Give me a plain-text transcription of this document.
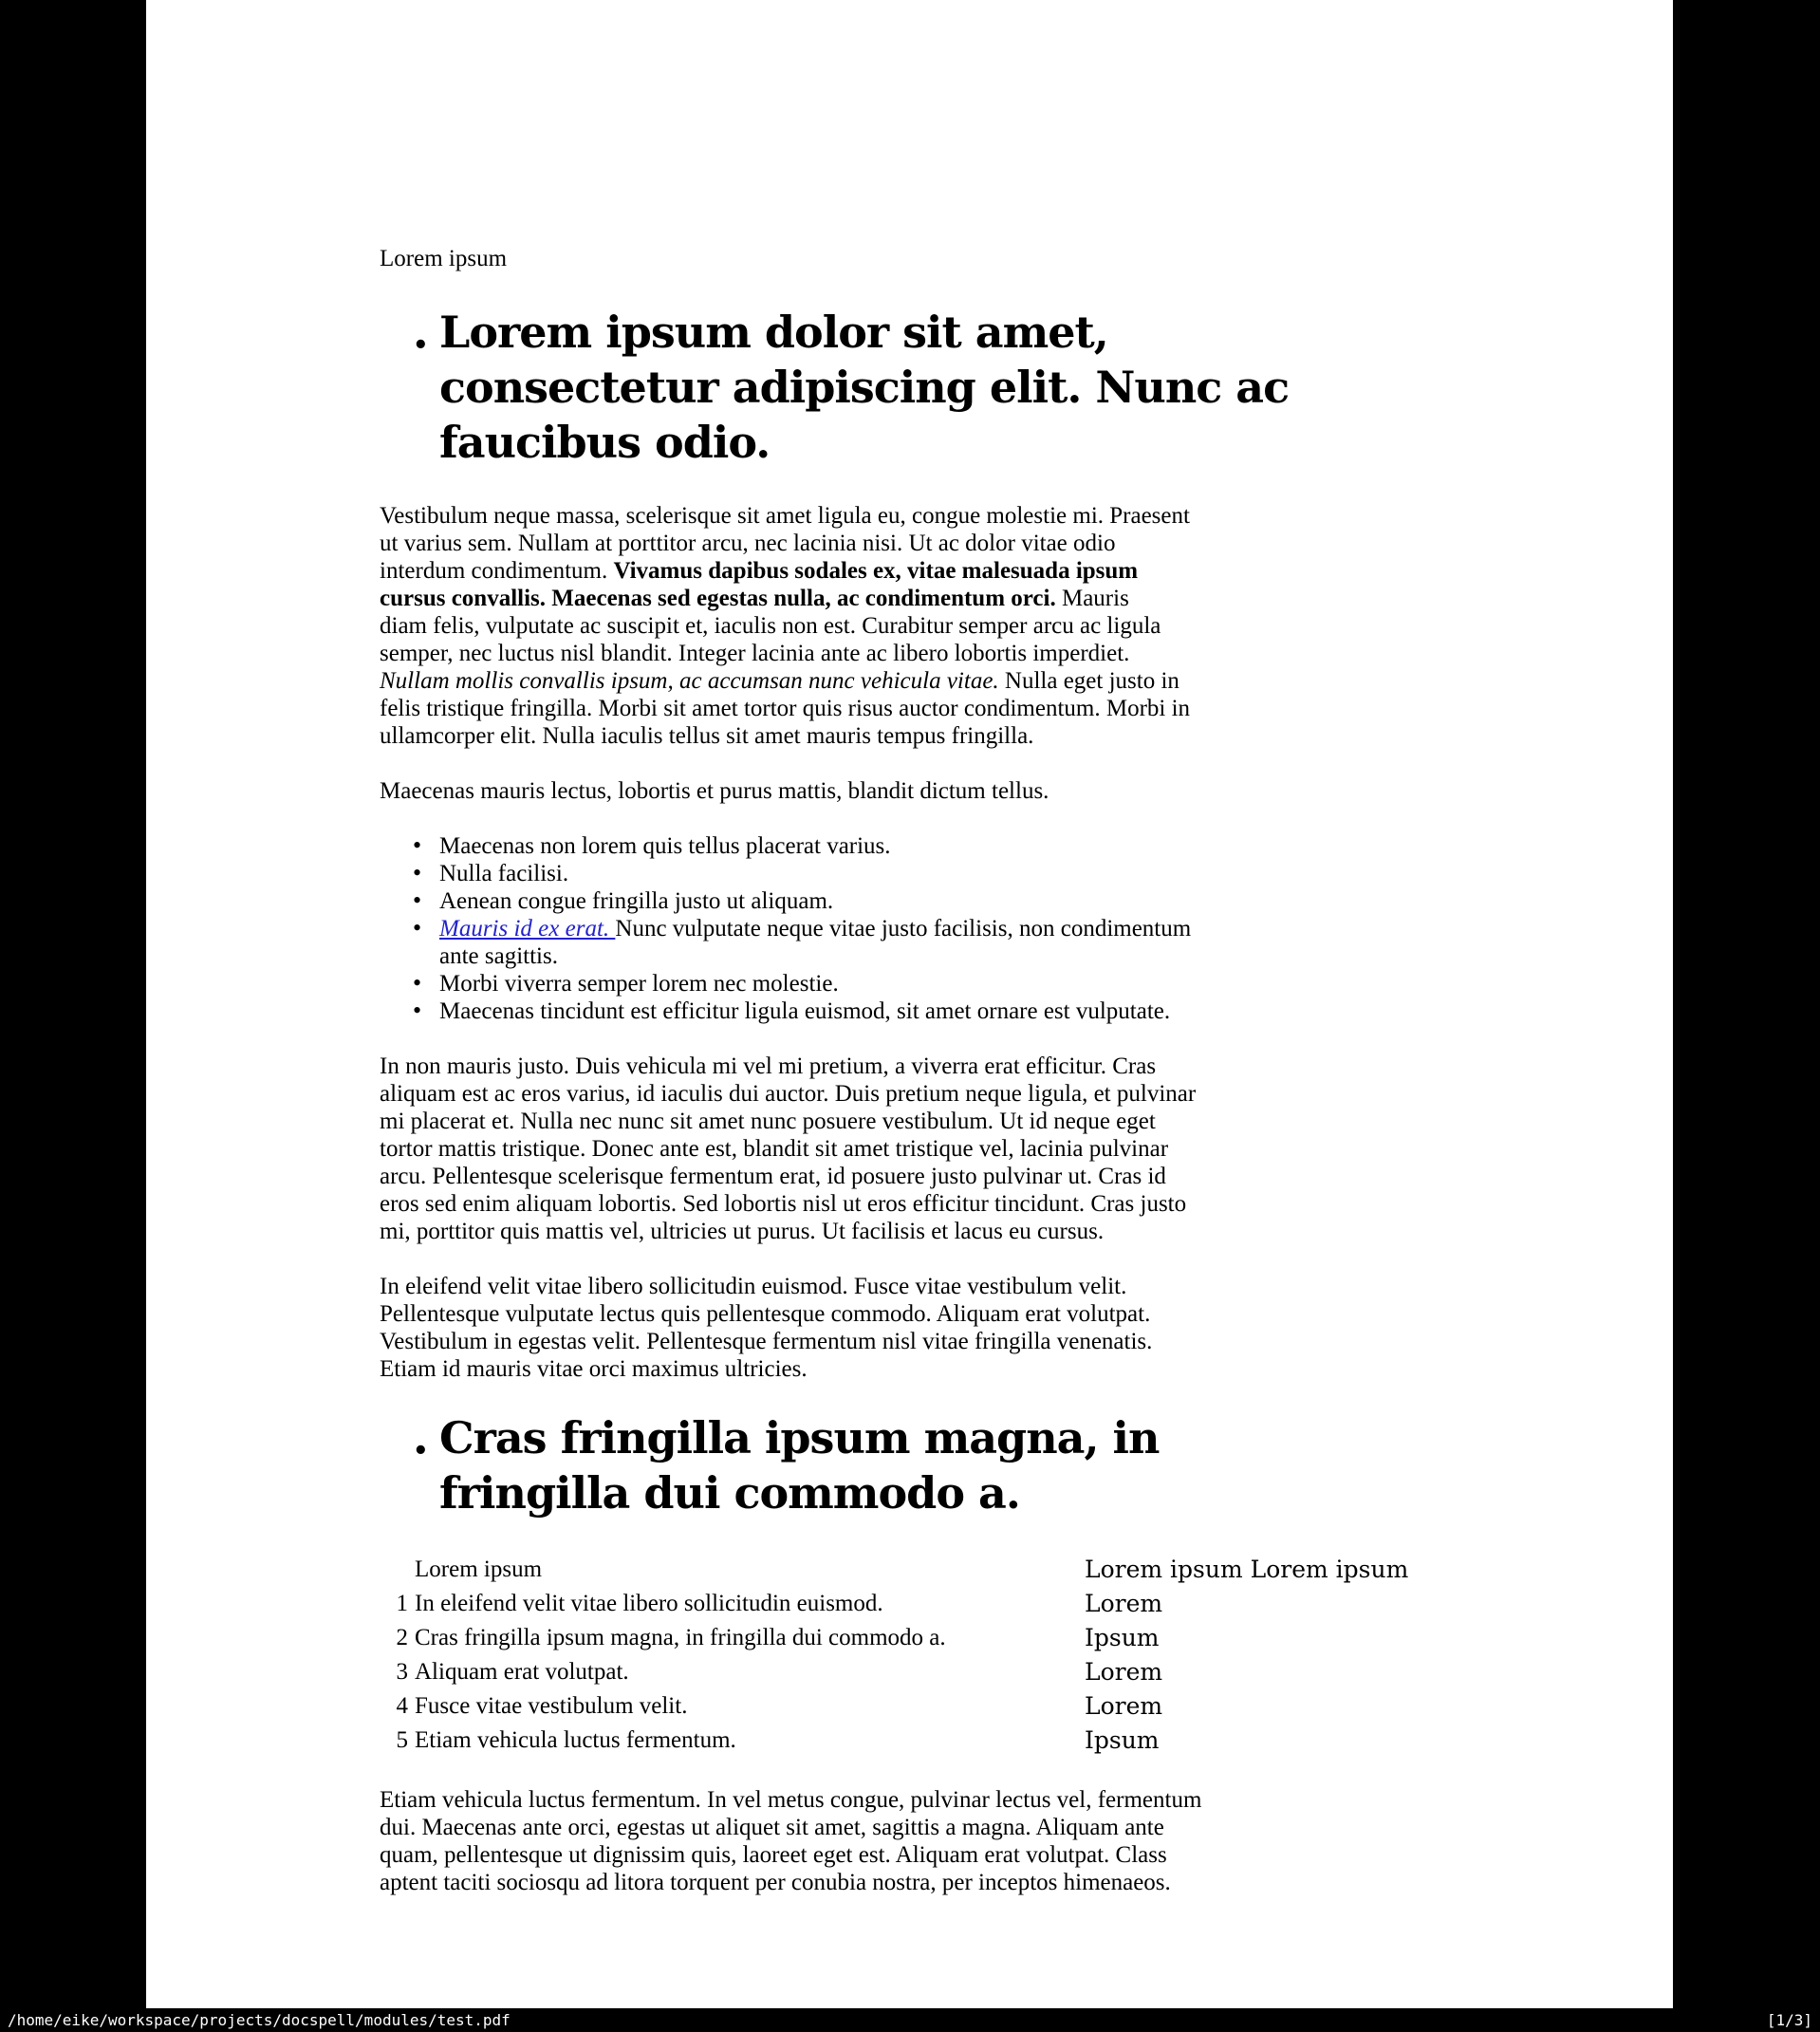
Lorem ipsum
• Lorem ipsum dolor sit amet,
consectetur adipiscing elit. Nunc ac
faucibus odio.
Vestibulum neque massa, scelerisque sit amet ligula eu, congue molestie mi. Praesent
ut varius sem. Nullam at porttitor arcu, nec lacinia nisi. Ut ac dolor vitae odio
interdum condimentum. Vivamus dapibus sodales ex, vitae malesuada ipsum
cursus convallis. Maecenas sed egestas nulla, ac condimentum orci. Mauris
diam felis, vulputate ac suscipit et, iaculis non est. Curabitur semper arcu ac ligula
semper, nec luctus nisl blandit. Integer lacinia ante ac libero lobortis imperdiet.
Nullam mollis convallis ipsum, ac accumsan nunc vehicula vitae. Nulla eget justo in
felis tristique fringilla. Morbi sit amet tortor quis risus auctor condimentum. Morbi in
ullamcorper elit. Nulla iaculis tellus sit amet mauris tempus fringilla.
Maecenas mauris lectus, lobortis et purus mattis, blandit dictum tellus.
• Maecenas non lorem quis tellus placerat varius.
• Nulla facilisi.
• Aenean congue fringilla justo ut aliquam.
• Mauris id ex erat. Nunc vulputate neque vitae justo facilisis, non condimentum
ante sagittis.
• Morbi viverra semper lorem nec molestie.
• Maecenas tincidunt est efficitur ligula euismod, sit amet ornare est vulputate.
In non mauris justo. Duis vehicula mi vel mi pretium, a viverra erat efficitur. Cras
aliquam est ac eros varius, id iaculis dui auctor. Duis pretium neque ligula, et pulvinar
mi placerat et. Nulla nec nunc sit amet nunc posuere vestibulum. Ut id neque eget
tortor mattis tristique. Donec ante est, blandit sit amet tristique vel, lacinia pulvinar
arcu. Pellentesque scelerisque fermentum erat, id posuere justo pulvinar ut. Cras id
eros sed enim aliquam lobortis. Sed lobortis nisl ut eros efficitur tincidunt. Cras justo
mi, porttitor quis mattis vel, ultricies ut purus. Ut facilisis et lacus eu cursus.
In eleifend velit vitae libero sollicitudin euismod. Fusce vitae vestibulum velit.
Pellentesque vulputate lectus quis pellentesque commodo. Aliquam erat volutpat.
Vestibulum in egestas velit. Pellentesque fermentum nisl vitae fringilla venenatis.
Etiam id mauris vitae orci maximus ultricies.
• Cras fringilla ipsum magna, in
fringilla dui commodo a.
Lorem ipsum	Lorem ipsum Lorem ipsum
1 In eleifend velit vitae libero sollicitudin euismod.	Lorem
2 Cras fringilla ipsum magna, in fringilla dui commodo a.	Ipsum
3 Aliquam erat volutpat.	Lorem
4 Fusce vitae vestibulum velit.	Lorem
5 Etiam vehicula luctus fermentum.	Ipsum
Etiam vehicula luctus fermentum. In vel metus congue, pulvinar lectus vel, fermentum
dui. Maecenas ante orci, egestas ut aliquet sit amet, sagittis a magna. Aliquam ante
quam, pellentesque ut dignissim quis, laoreet eget est. Aliquam erat volutpat. Class
aptent taciti sociosqu ad litora torquent per conubia nostra, per inceptos himenaeos.
/home/eike/workspace/projects/docspell/modules/test.pdf	[1/3]
